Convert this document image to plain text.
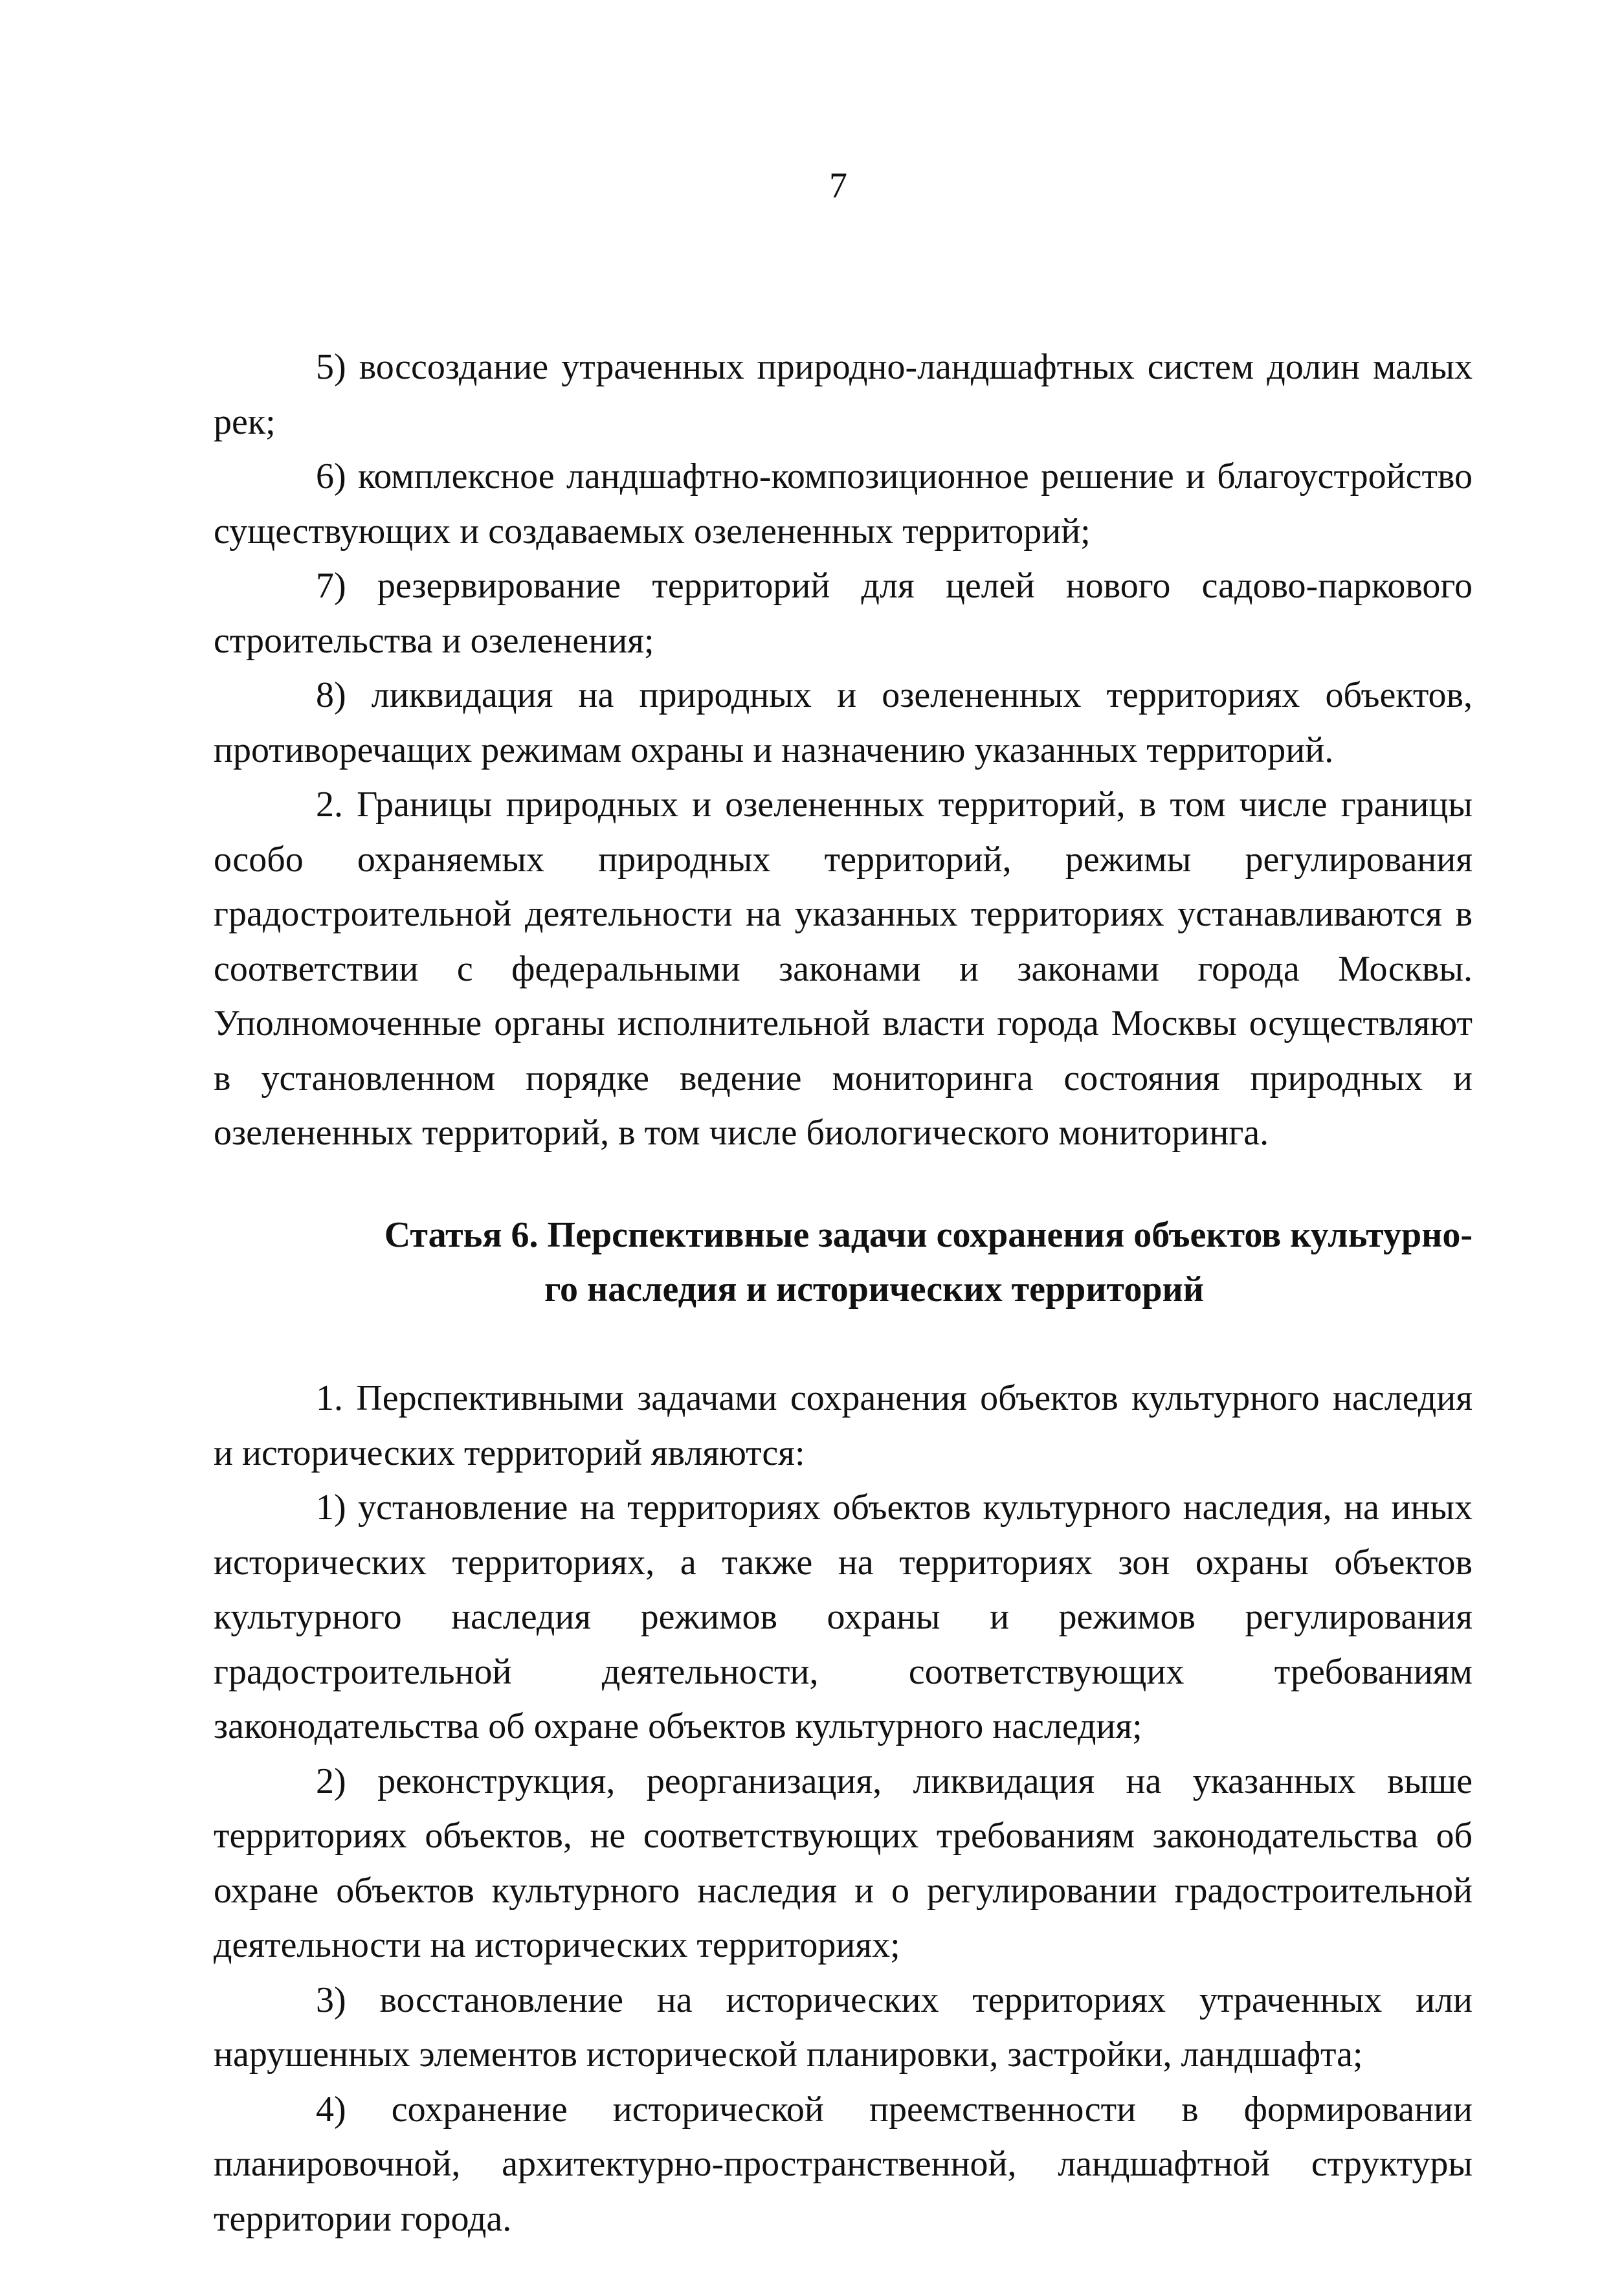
7

5) воссоздание утраченных природно-ландшафтных систем долин малых рек;

6) комплексное ландшафтно-композиционное решение и благоустройство существующих и создаваемых озелененных территорий;

7) резервирование территорий для целей нового садово-паркового строительства и озеленения;

8) ликвидация на природных и озелененных территориях объектов, противоречащих режимам охраны и назначению указанных территорий.

2. Границы природных и озелененных территорий, в том числе границы особо охраняемых природных территорий, режимы регулирования градостроительной деятельности на указанных территориях устанавливаются в соответствии с федеральными законами и законами города Москвы. Уполномоченные органы исполнительной власти города Москвы осуществляют в установленном порядке ведение мониторинга состояния природных и озелененных территорий, в том числе биологического мониторинга.

Статья 6. Перспективные задачи сохранения объектов культурно-
го наследия и исторических территорий

1. Перспективными задачами сохранения объектов культурного наследия и исторических территорий являются:

1) установление на территориях объектов культурного наследия, на иных исторических территориях, а также на территориях зон охраны объектов культурного наследия режимов охраны и режимов регулирования градостроительной деятельности, соответствующих требованиям законодательства об охране объектов культурного наследия;

2) реконструкция, реорганизация, ликвидация на указанных выше территориях объектов, не соответствующих требованиям законодательства об охране объектов культурного наследия и о регулировании градостроительной деятельности на исторических территориях;

3) восстановление на исторических территориях утраченных или нарушенных элементов исторической планировки, застройки, ландшафта;

4) сохранение исторической преемственности в формировании планировочной, архитектурно-пространственной, ландшафтной структуры территории города.
